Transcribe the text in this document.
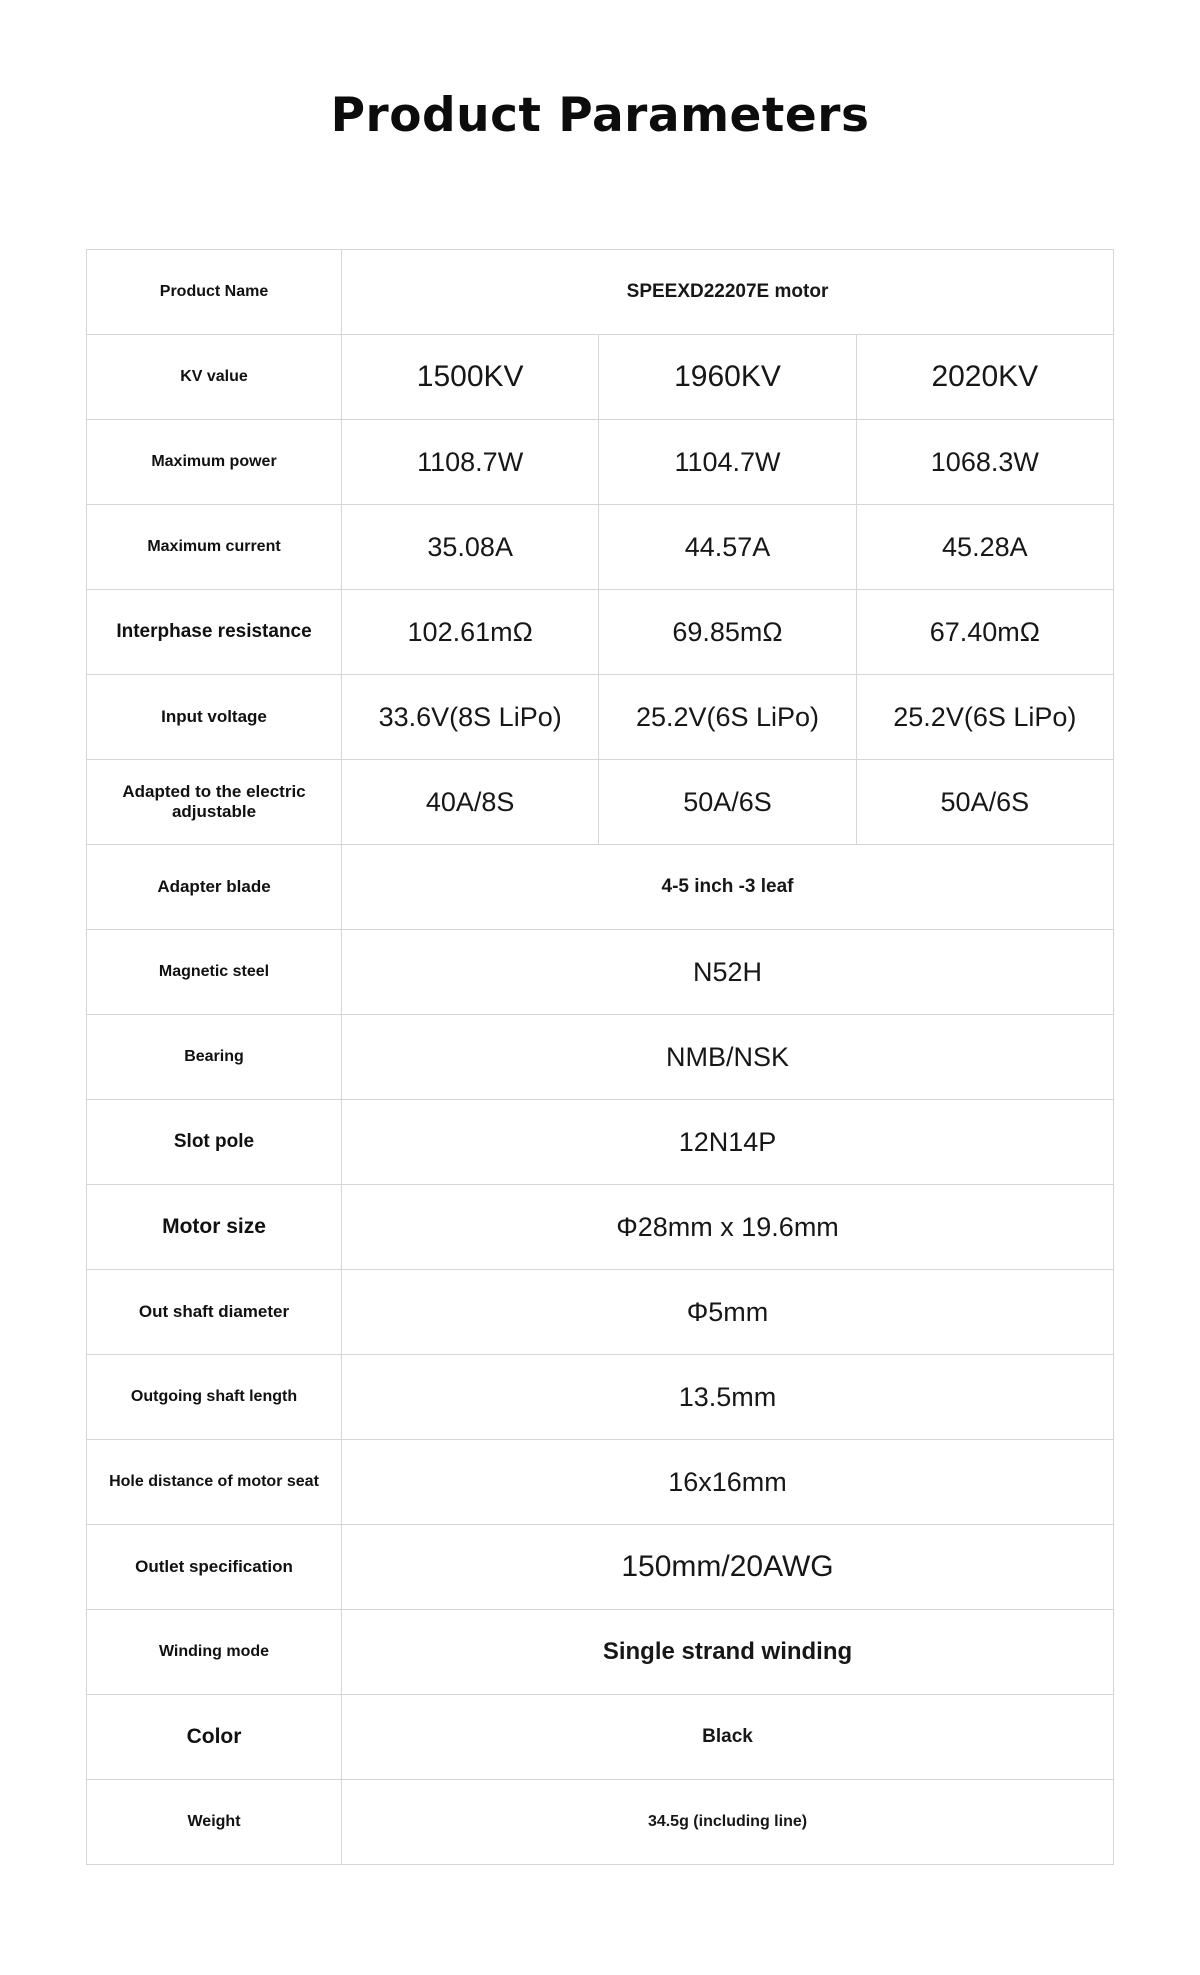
Product Parameters
Product Name	SPEEXD22207E motor		
KV value	1500KV	1960KV	2020KV
Maximum power	1108.7W	1104.7W	1068.3W
Maximum current	35.08A	44.57A	45.28A
Interphase resistance	102.61mΩ	69.85mΩ	67.40mΩ
Input voltage	33.6V(8S LiPo)	25.2V(6S LiPo)	25.2V(6S LiPo)
Adapted to the electric adjustable	40A/8S	50A/6S	50A/6S
Adapter blade	4-5 inch -3 leaf		
Magnetic steel	N52H		
Bearing	NMB/NSK		
Slot pole	12N14P		
Motor size	Φ28mm x 19.6mm		
Out shaft diameter	Φ5mm		
Outgoing shaft length	13.5mm		
Hole distance of motor seat	16x16mm		
Outlet specification	150mm/20AWG		
Winding mode	Single strand winding		
Color	Black		
Weight	34.5g (including line)		
